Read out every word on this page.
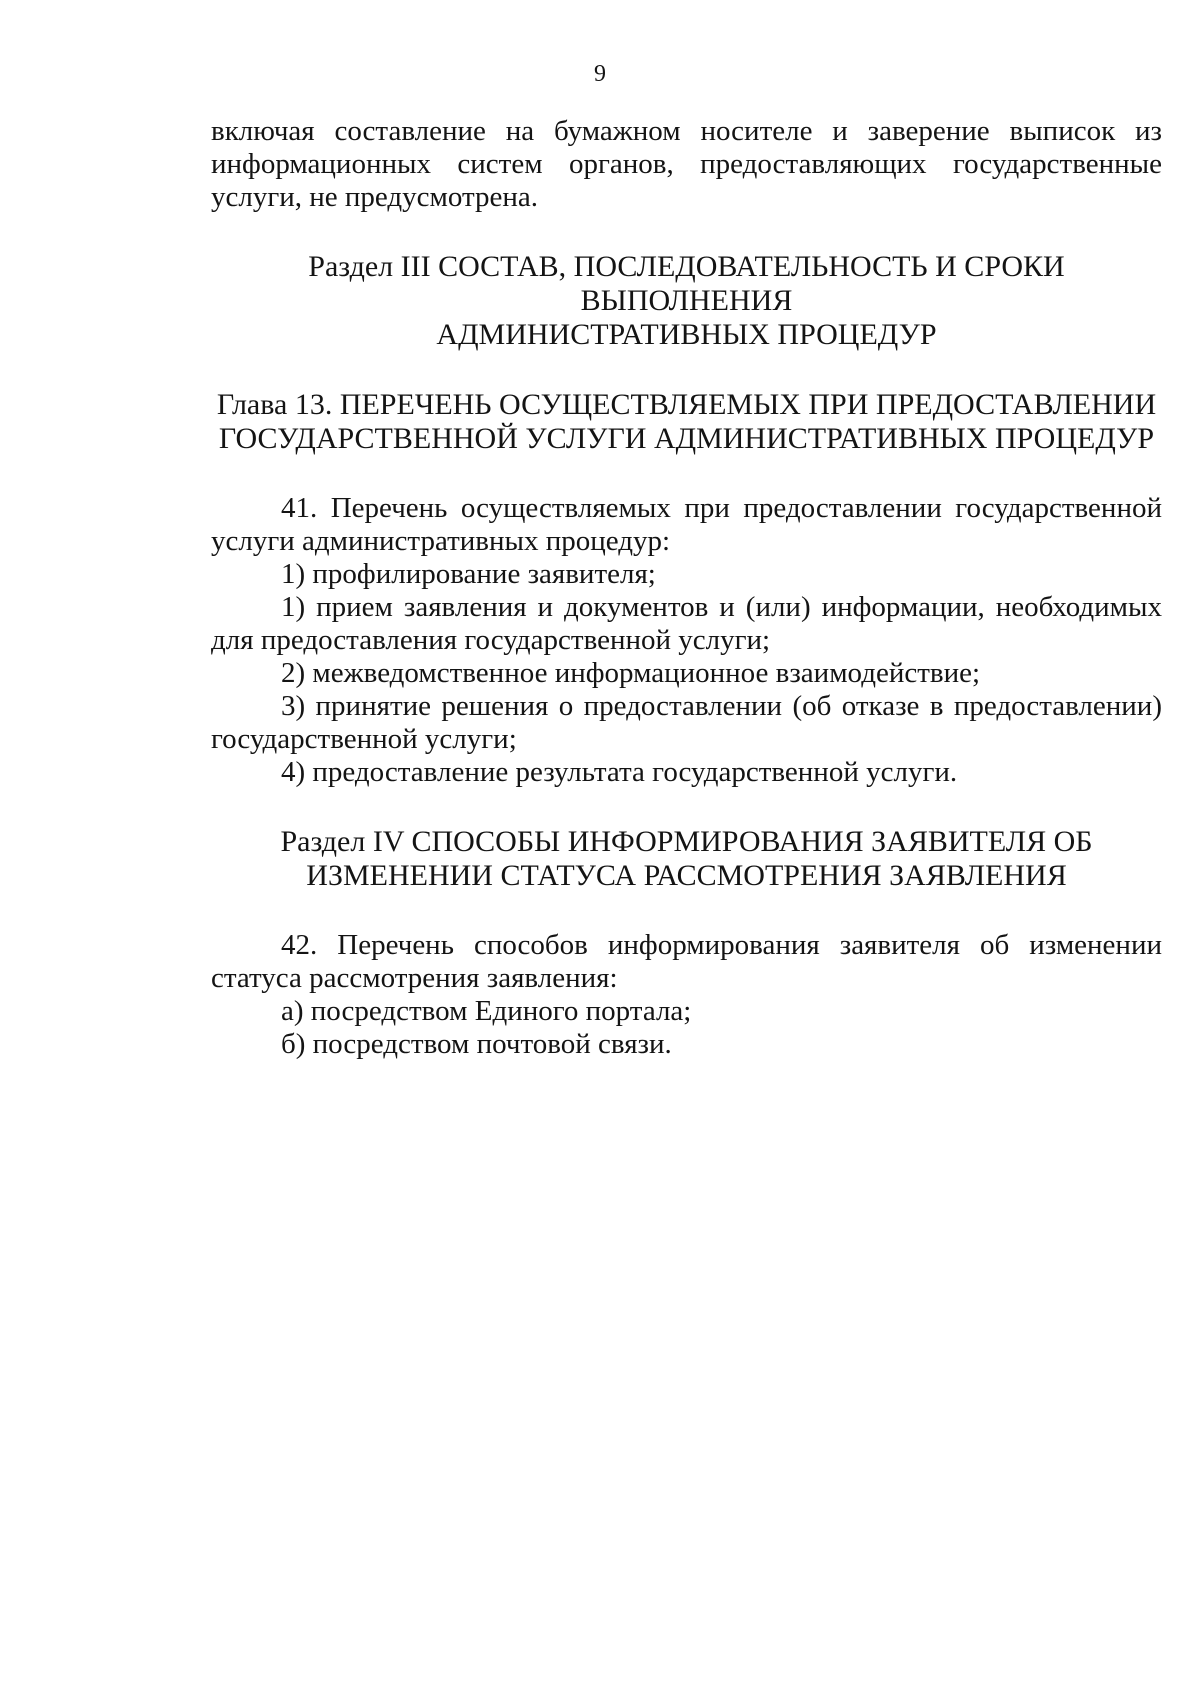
9

включая составление на бумажном носителе и заверение выписок из информационных систем органов, предоставляющих государственные услуги, не предусмотрена.

Раздел III СОСТАВ, ПОСЛЕДОВАТЕЛЬНОСТЬ И СРОКИ ВЫПОЛНЕНИЯ

АДМИНИСТРАТИВНЫХ ПРОЦЕДУР

Глава 13. ПЕРЕЧЕНЬ ОСУЩЕСТВЛЯЕМЫХ ПРИ ПРЕДОСТАВЛЕНИИ

ГОСУДАРСТВЕННОЙ УСЛУГИ АДМИНИСТРАТИВНЫХ ПРОЦЕДУР

41. Перечень осуществляемых при предоставлении государственной услуги административных процедур:

1) профилирование заявителя;

1) прием заявления и документов и (или) информации, необходимых для предоставления государственной услуги;

2) межведомственное информационное взаимодействие;

3) принятие решения о предоставлении (об отказе в предоставлении) государственной услуги;

4) предоставление результата государственной услуги.

Раздел IV СПОСОБЫ ИНФОРМИРОВАНИЯ ЗАЯВИТЕЛЯ ОБ

ИЗМЕНЕНИИ СТАТУСА РАССМОТРЕНИЯ ЗАЯВЛЕНИЯ

42. Перечень способов информирования заявителя об изменении статуса рассмотрения заявления:

а) посредством Единого портала;

б) посредством почтовой связи.
